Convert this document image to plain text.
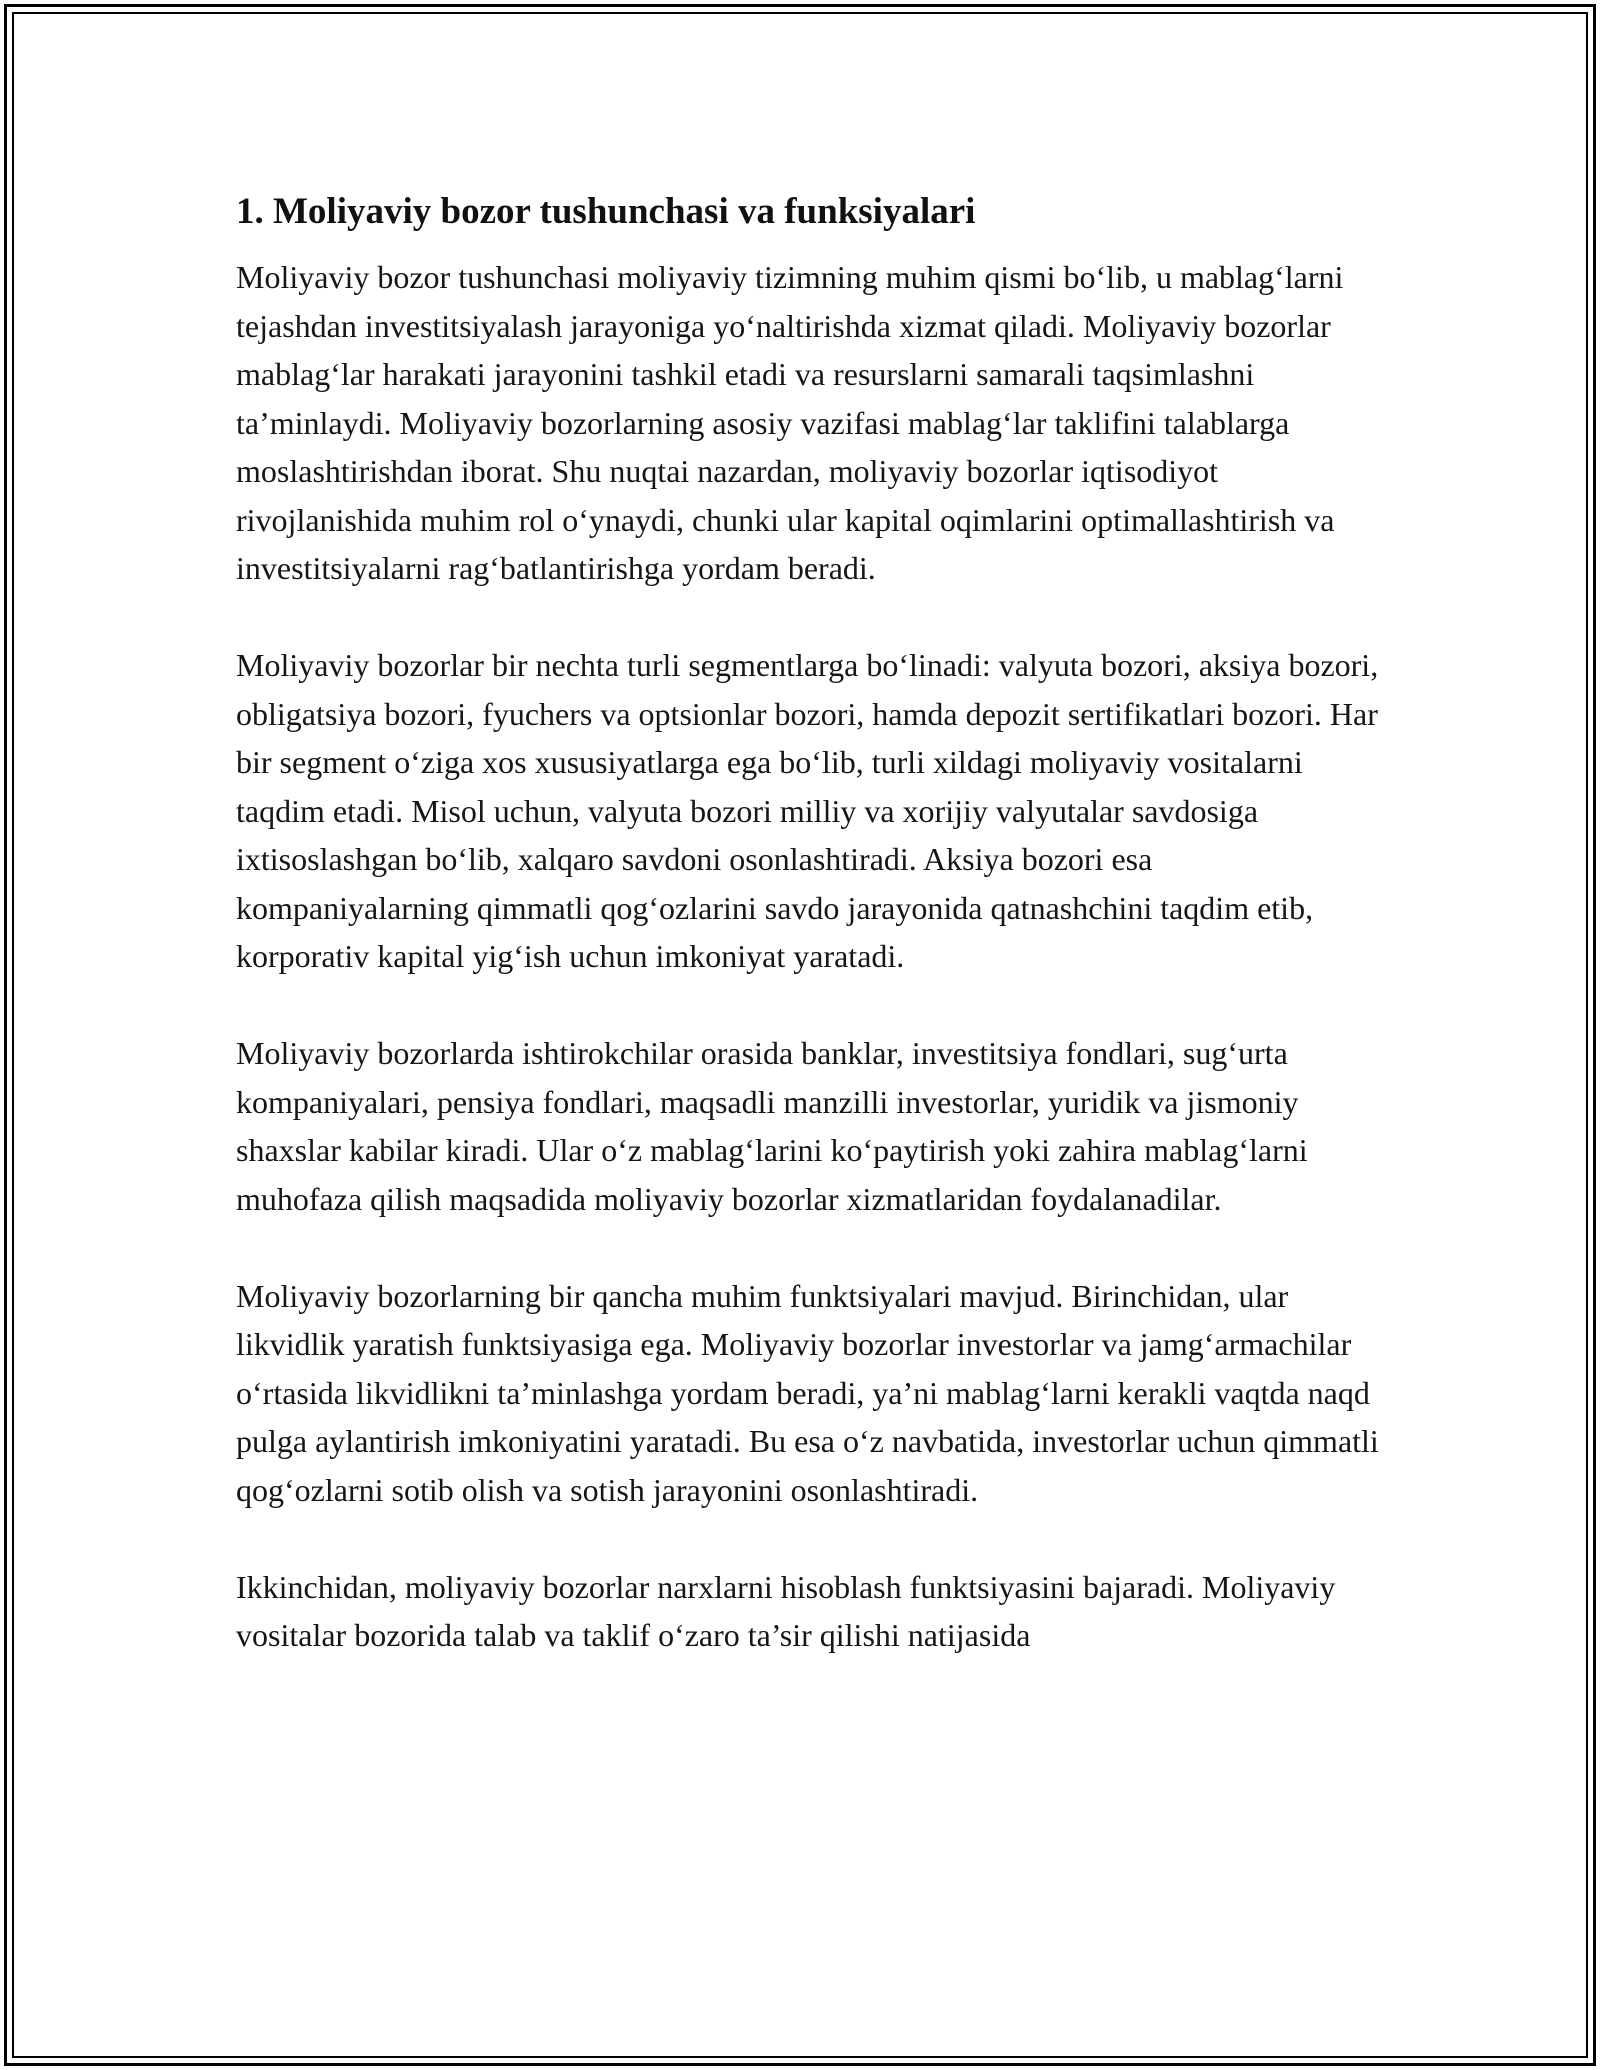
1. Moliyaviy bozor tushunchasi va funksiyalari

Moliyaviy bozor tushunchasi moliyaviy tizimning muhim qismi bo‘lib, u mablag‘larni tejashdan investitsiyalash jarayoniga yo‘naltirishda xizmat qiladi. Moliyaviy bozorlar mablag‘lar harakati jarayonini tashkil etadi va resurslarni samarali taqsimlashni ta’minlaydi. Moliyaviy bozorlarning asosiy vazifasi mablag‘lar taklifini talablarga moslashtirishdan iborat. Shu nuqtai nazardan, moliyaviy bozorlar iqtisodiyot rivojlanishida muhim rol o‘ynaydi, chunki ular kapital oqimlarini optimallashtirish va investitsiyalarni rag‘batlantirishga yordam beradi.

Moliyaviy bozorlar bir nechta turli segmentlarga bo‘linadi: valyuta bozori, aksiya bozori, obligatsiya bozori, fyuchers va optsionlar bozori, hamda depozit sertifikatlari bozori. Har bir segment o‘ziga xos xususiyatlarga ega bo‘lib, turli xildagi moliyaviy vositalarni taqdim etadi. Misol uchun, valyuta bozori milliy va xorijiy valyutalar savdosiga ixtisoslashgan bo‘lib, xalqaro savdoni osonlashtiradi. Aksiya bozori esa kompaniyalarning qimmatli qog‘ozlarini savdo jarayonida qatnashchini taqdim etib, korporativ kapital yig‘ish uchun imkoniyat yaratadi.

Moliyaviy bozorlarda ishtirokchilar orasida banklar, investitsiya fondlari, sug‘urta kompaniyalari, pensiya fondlari, maqsadli manzilli investorlar, yuridik va jismoniy shaxslar kabilar kiradi. Ular o‘z mablag‘larini ko‘paytirish yoki zahira mablag‘larni muhofaza qilish maqsadida moliyaviy bozorlar xizmatlaridan foydalanadilar.

Moliyaviy bozorlarning bir qancha muhim funktsiyalari mavjud. Birinchidan, ular likvidlik yaratish funktsiyasiga ega. Moliyaviy bozorlar investorlar va jamg‘armachilar o‘rtasida likvidlikni ta’minlashga yordam beradi, ya’ni mablag‘larni kerakli vaqtda naqd pulga aylantirish imkoniyatini yaratadi. Bu esa o‘z navbatida, investorlar uchun qimmatli qog‘ozlarni sotib olish va sotish jarayonini osonlashtiradi.

Ikkinchidan, moliyaviy bozorlar narxlarni hisoblash funktsiyasini bajaradi. Moliyaviy vositalar bozorida talab va taklif o‘zaro ta’sir qilishi natijasida
